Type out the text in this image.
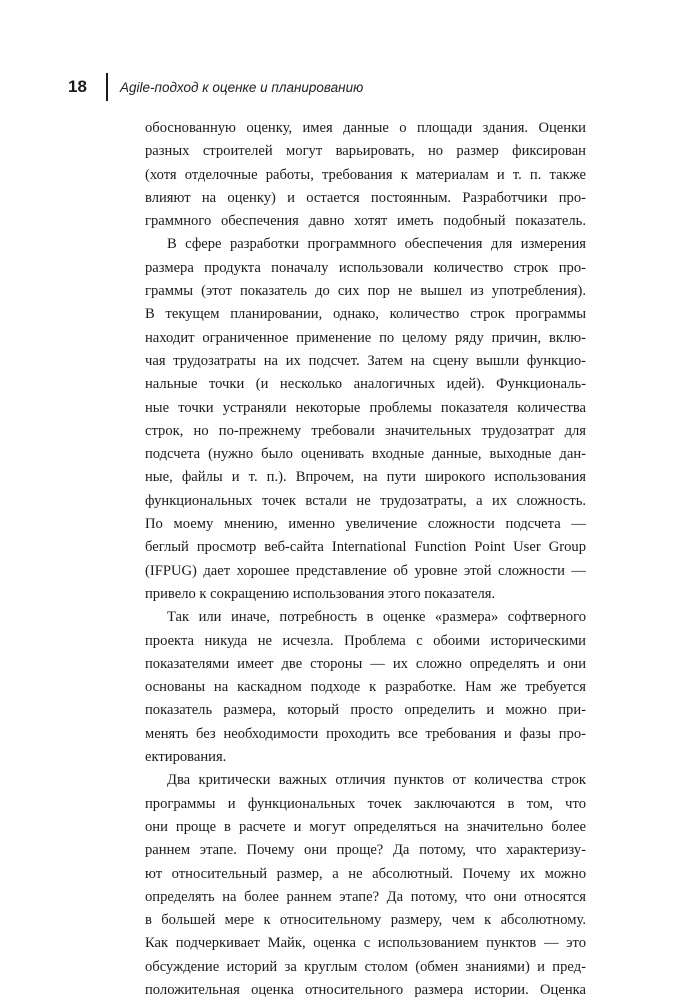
18	Agile-подход к оценке и планированию

обоснованную оценку, имея данные о площади здания. Оценки
разных строителей могут варьировать, но размер фиксирован
(хотя отделочные работы, требования к материалам и т. п. также
влияют на оценку) и остается постоянным. Разработчики про-
граммного обеспечения давно хотят иметь подобный показатель.

В сфере разработки программного обеспечения для измерения
размера продукта поначалу использовали количество строк про-
граммы (этот показатель до сих пор не вышел из употребления).
В текущем планировании, однако, количество строк программы
находит ограниченное применение по целому ряду причин, вклю-
чая трудозатраты на их подсчет. Затем на сцену вышли функцио-
нальные точки (и несколько аналогичных идей). Функциональ-
ные точки устраняли некоторые проблемы показателя количества
строк, но по-прежнему требовали значительных трудозатрат для
подсчета (нужно было оценивать входные данные, выходные дан-
ные, файлы и т. п.). Впрочем, на пути широкого использования
функциональных точек встали не трудозатраты, а их сложность.
По моему мнению, именно увеличение сложности подсчета —
беглый просмотр веб-сайта International Function Point User Group
(IFPUG) дает хорошее представление об уровне этой сложности —
привело к сокращению использования этого показателя.

Так или иначе, потребность в оценке «размера» софтверного
проекта никуда не исчезла. Проблема с обоими историческими
показателями имеет две стороны — их сложно определять и они
основаны на каскадном подходе к разработке. Нам же требуется
показатель размера, который просто определить и можно при-
менять без необходимости проходить все требования и фазы про-
ектирования.

Два критически важных отличия пунктов от количества строк
программы и функциональных точек заключаются в том, что
они проще в расчете и могут определяться на значительно более
раннем этапе. Почему они проще? Да потому, что характеризу-
ют относительный размер, а не абсолютный. Почему их можно
определять на более раннем этапе? Да потому, что они относятся
в большей мере к относительному размеру, чем к абсолютному.
Как подчеркивает Майк, оценка с использованием пунктов — это
обсуждение историй за круглым столом (обмен знаниями) и пред-
положительная оценка относительного размера истории. Оценка
